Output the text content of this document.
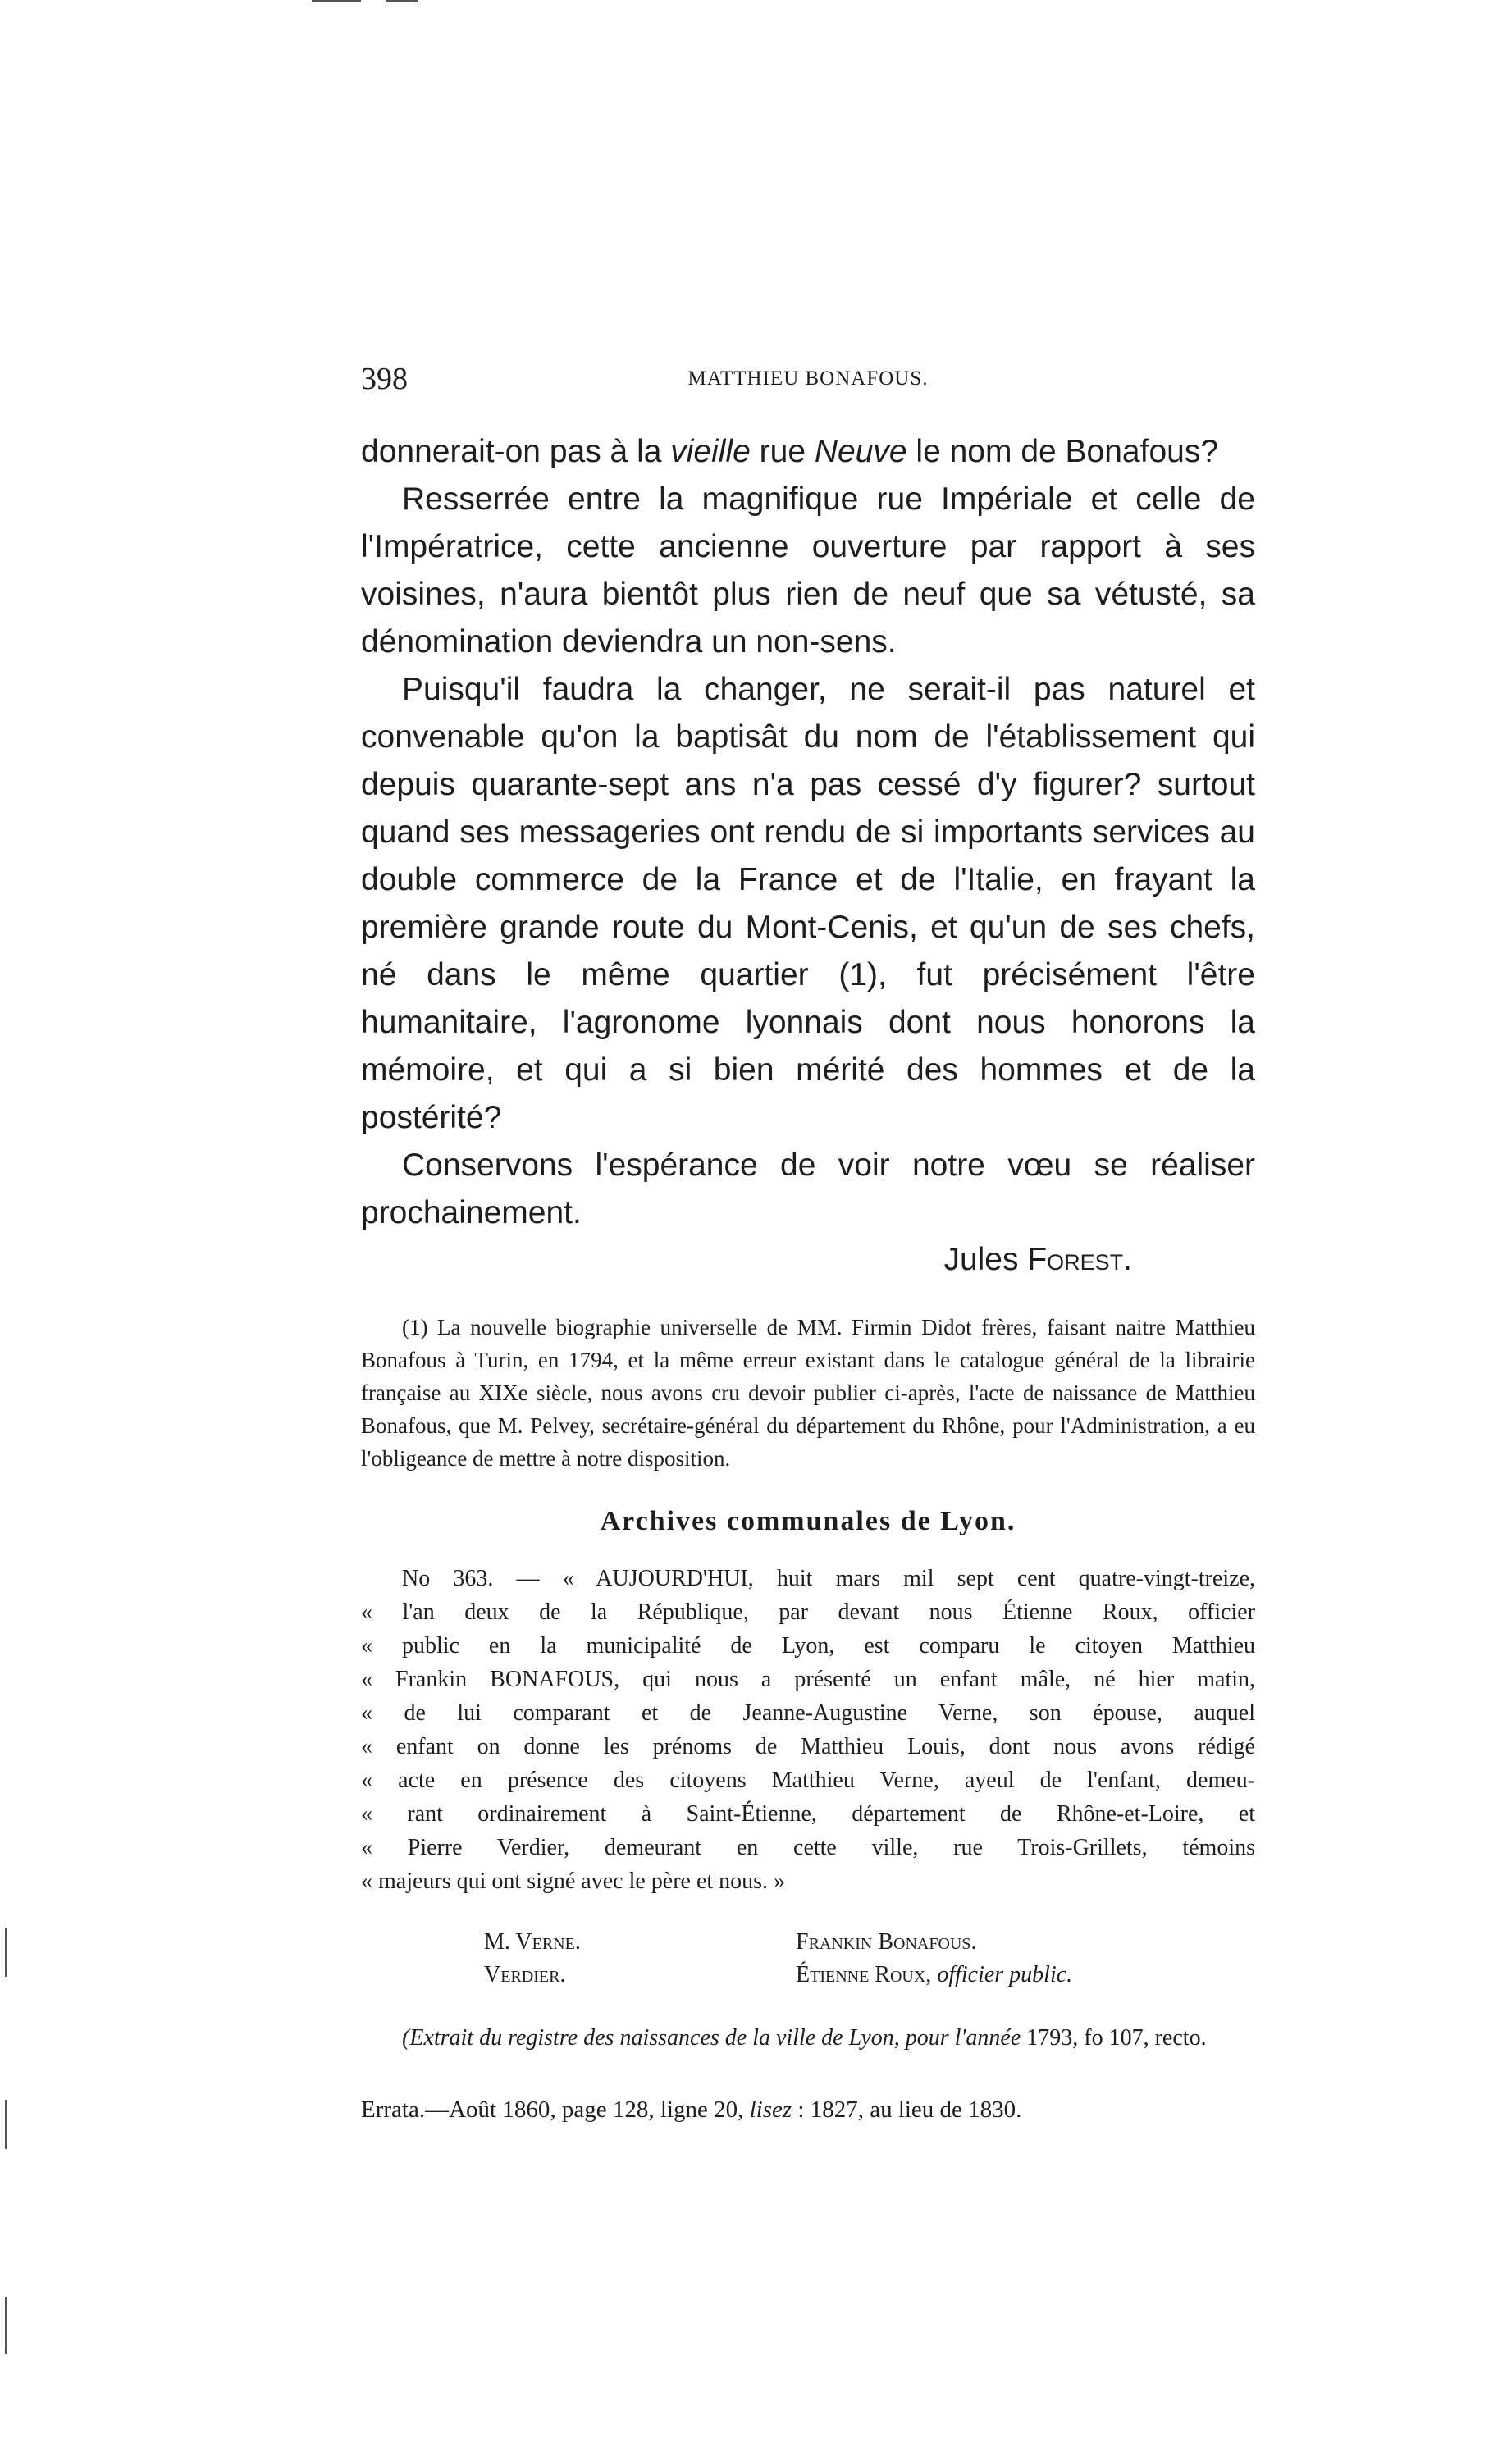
398	MATTHIEU BONAFOUS.

donnerait-on pas à la vieille rue Neuve le nom de Bonafous?

Resserrée entre la magnifique rue Impériale et celle de l'Impératrice, cette ancienne ouverture par rapport à ses voisines, n'aura bientôt plus rien de neuf que sa vétusté, sa dénomination deviendra un non-sens.

Puisqu'il faudra la changer, ne serait-il pas naturel et convenable qu'on la baptisât du nom de l'établissement qui depuis quarante-sept ans n'a pas cessé d'y figurer? surtout quand ses messageries ont rendu de si importants services au double commerce de la France et de l'Italie, en frayant la première grande route du Mont-Cenis, et qu'un de ses chefs, né dans le même quartier (1), fut précisément l'être humanitaire, l'agronome lyonnais dont nous honorons la mémoire, et qui a si bien mérité des hommes et de la postérité?

Conservons l'espérance de voir notre vœu se réaliser prochainement.

Jules Forest.

(1) La nouvelle biographie universelle de MM. Firmin Didot frères, faisant naitre Matthieu Bonafous à Turin, en 1794, et la même erreur existant dans le catalogue général de la librairie française au XIXe siècle, nous avons cru devoir publier ci-après, l'acte de naissance de Matthieu Bonafous, que M. Pelvey, secrétaire-général du département du Rhône, pour l'Administration, a eu l'obligeance de mettre à notre disposition.

Archives communales de Lyon.
No 363. — « AUJOURD'HUI, huit mars mil sept cent quatre-vingt-treize,
« l'an deux de la République, par devant nous Étienne Roux, officier
« public en la municipalité de Lyon, est comparu le citoyen Matthieu
« Frankin BONAFOUS, qui nous a présenté un enfant mâle, né hier matin,
« de lui comparant et de Jeanne-Augustine Verne, son épouse, auquel
« enfant on donne les prénoms de Matthieu Louis, dont nous avons rédigé
« acte en présence des citoyens Matthieu Verne, ayeul de l'enfant, demeu-
« rant ordinairement à Saint-Étienne, département de Rhône-et-Loire, et
« Pierre Verdier, demeurant en cette ville, rue Trois-Grillets, témoins
« majeurs qui ont signé avec le père et nous. »
M. Verne.	Frankin Bonafous.
Verdier.	Étienne Roux, officier public.
(Extrait du registre des naissances de la ville de Lyon, pour l'année 1793, fo 107, recto.
Errata.—Août 1860, page 128, ligne 20, lisez : 1827, au lieu de 1830.
